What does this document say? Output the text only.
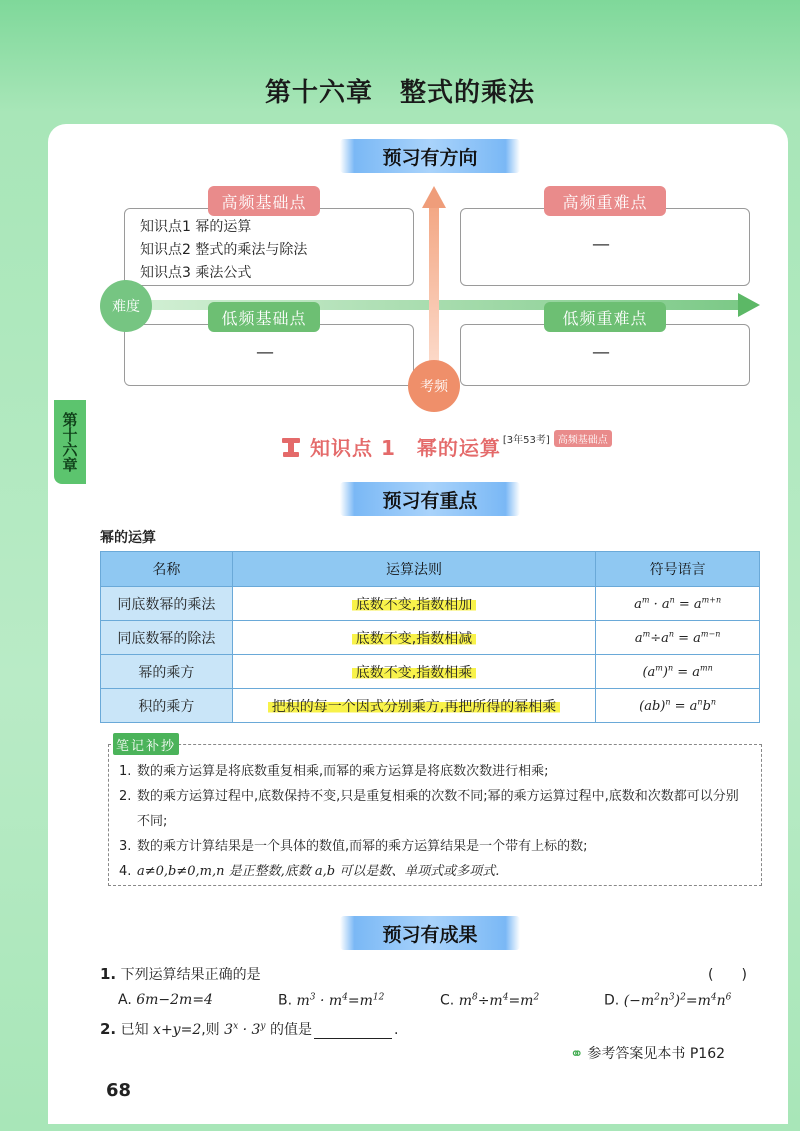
第十六章　整式的乘法
第十六章
预习有方向
高频基础点	高频重难点
低频基础点	低频重难点
知识点1 幂的运算
知识点2 整式的乘法与除法
知识点3 乘法公式
—
—	—
难度
考频
知识点 1　幂的运算 [3年53考] 高频基础点
预习有重点
幂的运算
名称	运算法则	符号语言
同底数幂的乘法	底数不变,指数相加	$a^m \cdot a^n = a^{m+n}$
同底数幂的除法	底数不变,指数相减	$a^m\div a^n = a^{m-n}$
幂的乘方	底数不变,指数相乘	$(a^m)^n = a^{mn}$
积的乘方	把积的每一个因式分别乘方,再把所得的幂相乘	$(ab)^n = a^nb^n$
1. 数的乘方运算是将底数重复相乘,而幂的乘方运算是将底数次数进行相乘;
2. 数的乘方运算过程中,底数保持不变,只是重复相乘的次数不同;幂的乘方运算过程中,底数和次数都可以分别不同;
3. 数的乘方计算结果是一个具体的数值,而幂的乘方运算结果是一个带有上标的数;
4. a≠0,b≠0,m,n 是正整数,底数 a,b 可以是数、单项式或多项式.
笔记补抄
预习有成果
1. 下列运算结果正确的是	(　　)
A. 6m−2m=4	B. $m^3 \cdot m^4=m^{12}$	C. $m^8\div m^4=m^2$	D. $(-m^2n^3)^2=m^4n^6$
2. 已知 x+y=2,则 $3^x \cdot 3^y$ 的值是	.
⚭ 参考答案见本书 P162
68
